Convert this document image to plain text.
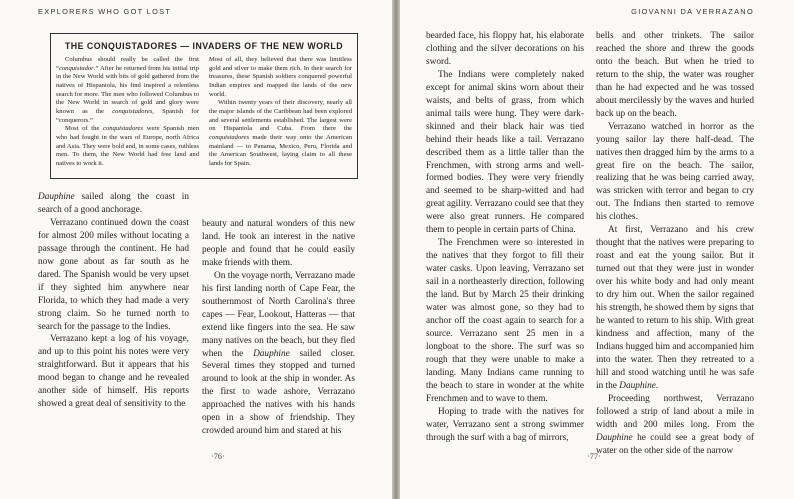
EXPLORERS WHO GOT LOST
THE CONQUISTADORES — INVADERS OF THE NEW WORLD

Columbus should really be called the first “conquistador.” After he returned from his initial trip in the New World with bits of gold gathered from the natives of Hispaniola, his find inspired a relentless search for more. The men who followed Columbus to the New World in search of gold and glory were known as the conquistadores, Spanish for “conquerors.”

Most of the conquistadores were Spanish men who had fought in the wars of Europe, north Africa and Asia. They were bold and, in some cases, ruthless men. To them, the New World had free land and natives to work it.

Most of all, they believed that there was limitless gold and silver to make them rich. In their search for treasures, these Spanish soldiers conquered powerful Indian empires and mapped the lands of the new world.

Within twenty years of their discovery, nearly all the major islands of the Caribbean had been explored and several settlements established. The largest were on Hispaniola and Cuba. From there the conquistadores made their way onto the American mainland — to Panama, Mexico, Peru, Florida and the American Southwest, laying claim to all these lands for Spain.

Dauphine sailed along the coast in search of a good anchorage.

Verrazano continued down the coast for almost 200 miles without locating a passage through the continent. He had now gone about as far south as he dared. The Spanish would be very upset if they sighted him anywhere near Florida, to which they had made a very strong claim. So he turned north to search for the passage to the Indies.

Verrazano kept a log of his voyage, and up to this point his notes were very straightforward. But it appears that his mood began to change and he revealed another side of himself. His reports showed a great deal of sensitivity to the

beauty and natural wonders of this new land. He took an interest in the native people and found that he could easily make friends with them.

On the voyage north, Verrazano made his first landing north of Cape Fear, the southernmost of North Carolina's three capes — Fear, Lookout, Hatteras — that extend like fingers into the sea. He saw many natives on the beach, but they fled when the Dauphine sailed closer. Several times they stopped and turned around to look at the ship in wonder. As the first to wade ashore, Verrazano approached the natives with his hands open in a show of friendship. They crowded around him and stared at his

·76·
GIOVANNI DA VERRAZANO

bearded face, his floppy hat, his elaborate clothing and the silver decorations on his sword.

The Indians were completely naked except for animal skins worn about their waists, and belts of grass, from which animal tails were hung. They were dark-skinned and their black hair was tied behind their heads like a tail. Verrazano described them as a little taller than the Frenchmen, with strong arms and well-formed bodies. They were very friendly and seemed to be sharp-witted and had great agility. Verrazano could see that they were also great runners. He compared them to people in certain parts of China.

The Frenchmen were so interested in the natives that they forgot to fill their water casks. Upon leaving, Verrazano set sail in a northeasterly direction, following the land. But by March 25 their drinking water was almost gone, so they had to anchor off the coast again to search for a source. Verrazano sent 25 men in a longboat to the shore. The surf was so rough that they were unable to make a landing. Many Indians came running to the beach to stare in wonder at the white Frenchmen and to wave to them.

Hoping to trade with the natives for water, Verrazano sent a strong swimmer through the surf with a bag of mirrors,

bells and other trinkets. The sailor reached the shore and threw the goods onto the beach. But when he tried to return to the ship, the water was rougher than he had expected and he was tossed about mercilessly by the waves and hurled back up on the beach.

Verrazano watched in horror as the young sailor lay there half-dead. The natives then dragged him by the arms to a great fire on the beach. The sailor, realizing that he was being carried away, was stricken with terror and began to cry out. The Indians then started to remove his clothes.

At first, Verrazano and his crew thought that the natives were preparing to roast and eat the young sailor. But it turned out that they were just in wonder over his white body and had only meant to dry him out. When the sailor regained his strength, he showed them by signs that he wanted to return to his ship. With great kindness and affection, many of the Indians hugged him and accompanied him into the water. Then they retreated to a hill and stood watching until he was safe in the Dauphine.

Proceeding northwest, Verrazano followed a strip of land about a mile in width and 200 miles long. From the Dauphine he could see a great body of water on the other side of the narrow

·77·
